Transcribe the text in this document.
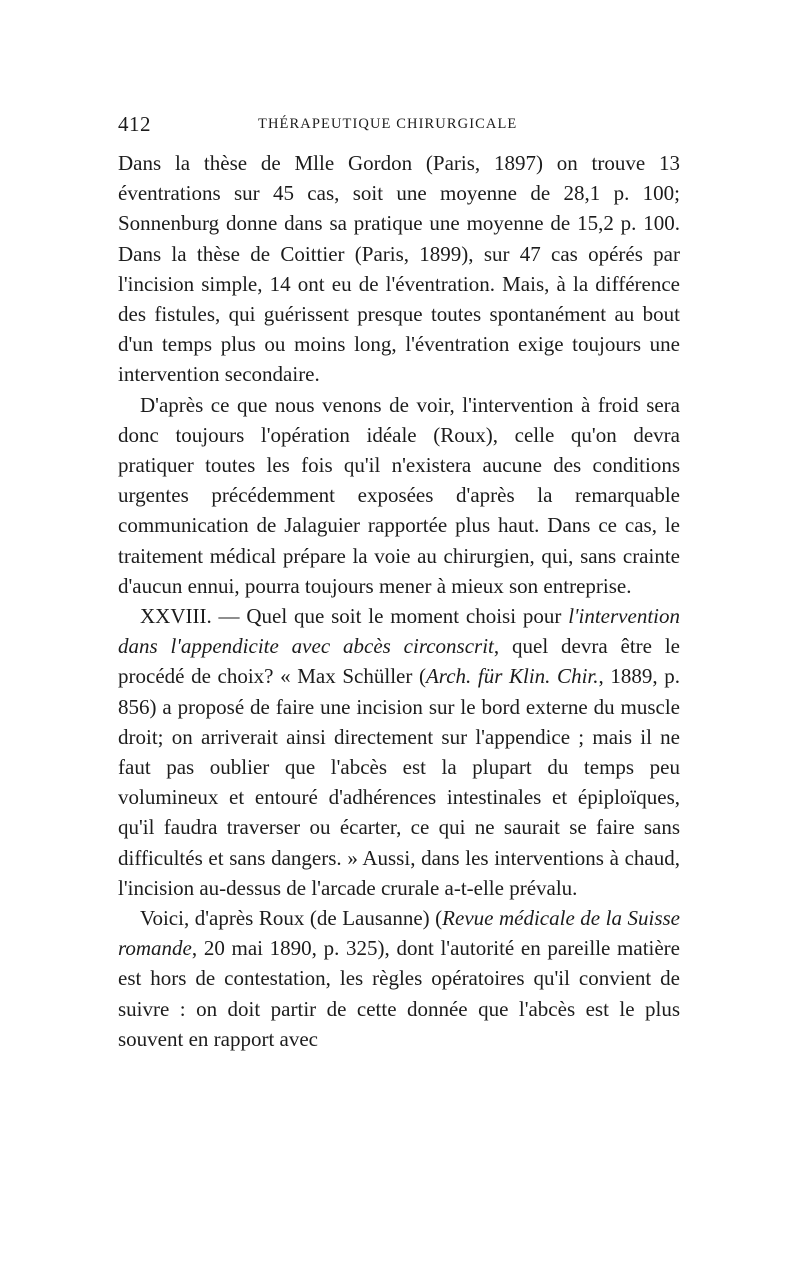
412	THÉRAPEUTIQUE CHIRURGICALE

Dans la thèse de Mlle Gordon (Paris, 1897) on trouve 13 éventrations sur 45 cas, soit une moyenne de 28,1 p. 100; Sonnenburg donne dans sa pratique une moyenne de 15,2 p. 100. Dans la thèse de Coittier (Paris, 1899), sur 47 cas opérés par l'incision simple, 14 ont eu de l'éventration. Mais, à la différence des fistules, qui guérissent presque toutes spontanément au bout d'un temps plus ou moins long, l'éventration exige toujours une intervention secondaire.

D'après ce que nous venons de voir, l'intervention à froid sera donc toujours l'opération idéale (Roux), celle qu'on devra pratiquer toutes les fois qu'il n'existera aucune des conditions urgentes précédemment exposées d'après la remarquable communication de Jalaguier rapportée plus haut. Dans ce cas, le traitement médical prépare la voie au chirurgien, qui, sans crainte d'aucun ennui, pourra toujours mener à mieux son entreprise.

XXVIII. — Quel que soit le moment choisi pour l'intervention dans l'appendicite avec abcès circonscrit, quel devra être le procédé de choix? « Max Schüller (Arch. für Klin. Chir., 1889, p. 856) a proposé de faire une incision sur le bord externe du muscle droit; on arriverait ainsi directement sur l'appendice ; mais il ne faut pas oublier que l'abcès est la plupart du temps peu volumineux et entouré d'adhérences intestinales et épiploïques, qu'il faudra traverser ou écarter, ce qui ne saurait se faire sans difficultés et sans dangers. » Aussi, dans les interventions à chaud, l'incision au-dessus de l'arcade crurale a-t-elle prévalu.

Voici, d'après Roux (de Lausanne) (Revue médicale de la Suisse romande, 20 mai 1890, p. 325), dont l'autorité en pareille matière est hors de contestation, les règles opératoires qu'il convient de suivre : on doit partir de cette donnée que l'abcès est le plus souvent en rapport avec
